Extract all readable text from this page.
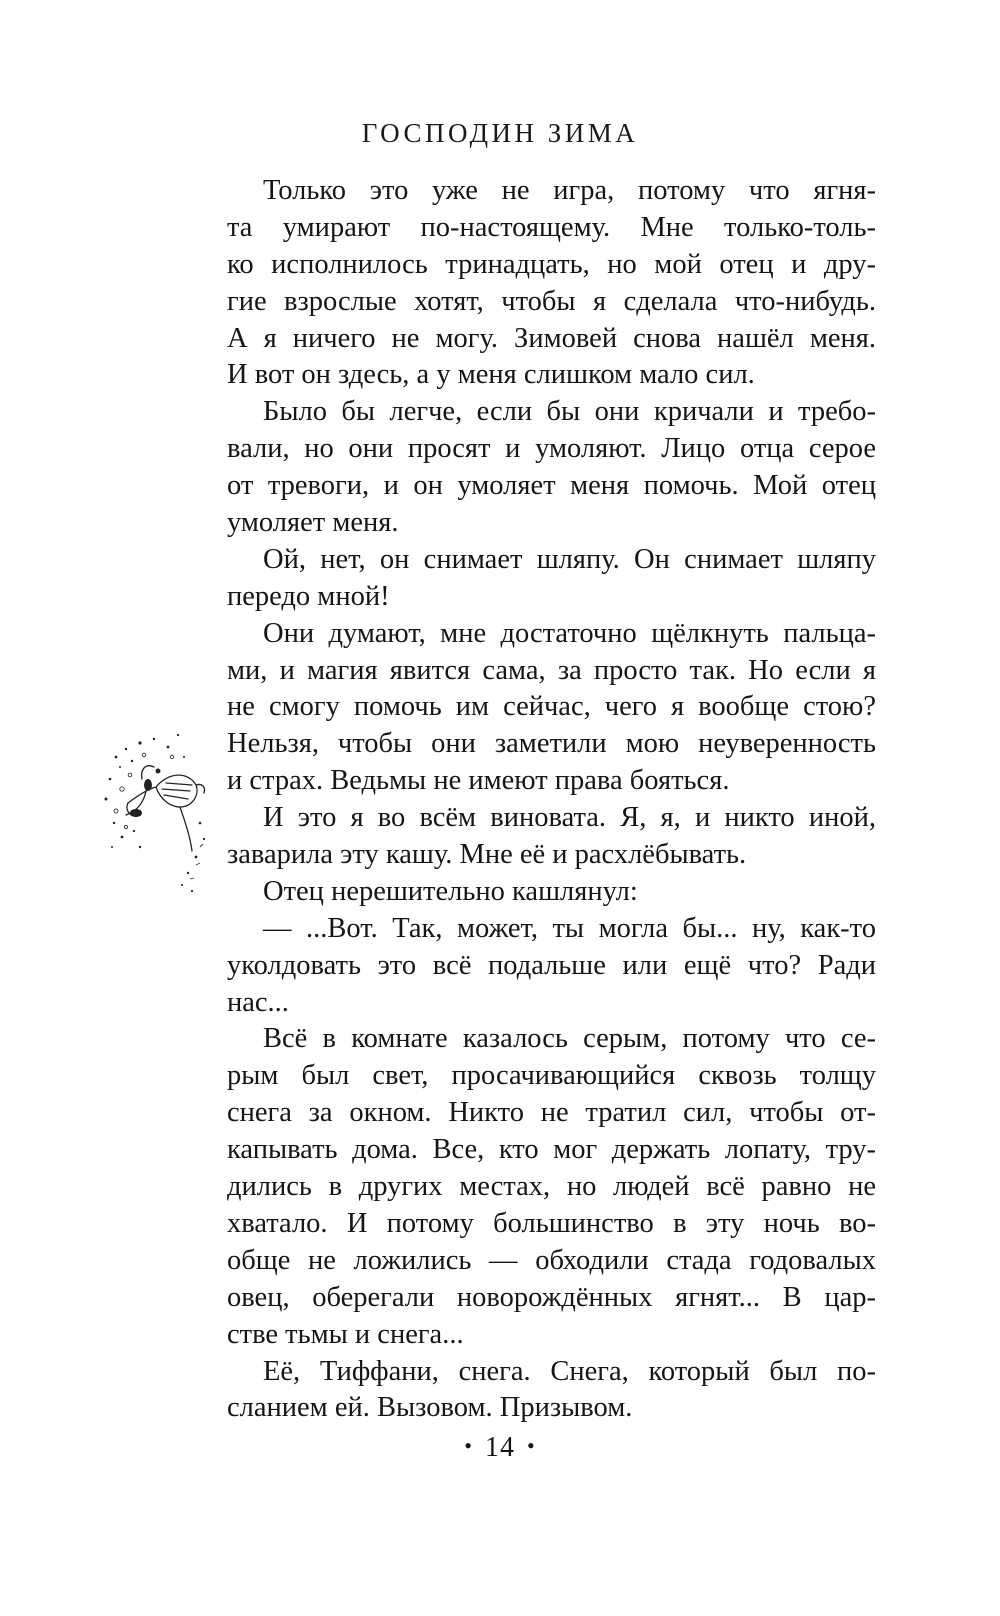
ГОСПОДИН ЗИМА
Только это уже не игра, потому что ягня-
та умирают по-настоящему. Мне только-толь-
ко исполнилось тринадцать, но мой отец и дру-
гие взрослые хотят, чтобы я сделала что-нибудь.
А я ничего не могу. Зимовей снова нашёл меня.
И вот он здесь, а у меня слишком мало сил.
Было бы легче, если бы они кричали и требо-
вали, но они просят и умоляют. Лицо отца серое
от тревоги, и он умоляет меня помочь. Мой отец
умоляет меня.
Ой, нет, он снимает шляпу. Он снимает шляпу
передо мной!
Они думают, мне достаточно щёлкнуть пальца-
ми, и магия явится сама, за просто так. Но если я
не смогу помочь им сейчас, чего я вообще стою?
Нельзя, чтобы они заметили мою неуверенность
и страх. Ведьмы не имеют права бояться.
И это я во всём виновата. Я, я, и никто иной,
заварила эту кашу. Мне её и расхлёбывать.
Отец нерешительно кашлянул:
— ...Вот. Так, может, ты могла бы... ну, как-то
уколдовать это всё подальше или ещё что? Ради
нас...
Всё в комнате казалось серым, потому что се-
рым был свет, просачивающийся сквозь толщу
снега за окном. Никто не тратил сил, чтобы от-
капывать дома. Все, кто мог держать лопату, тру-
дились в других местах, но людей всё равно не
хватало. И потому большинство в эту ночь во-
обще не ложились — обходили стада годовалых
овец, оберегали новорождённых ягнят... В цар-
стве тьмы и снега...
Её, Тиффани, снега. Снега, который был по-
сланием ей. Вызовом. Призывом.
• 14 •
